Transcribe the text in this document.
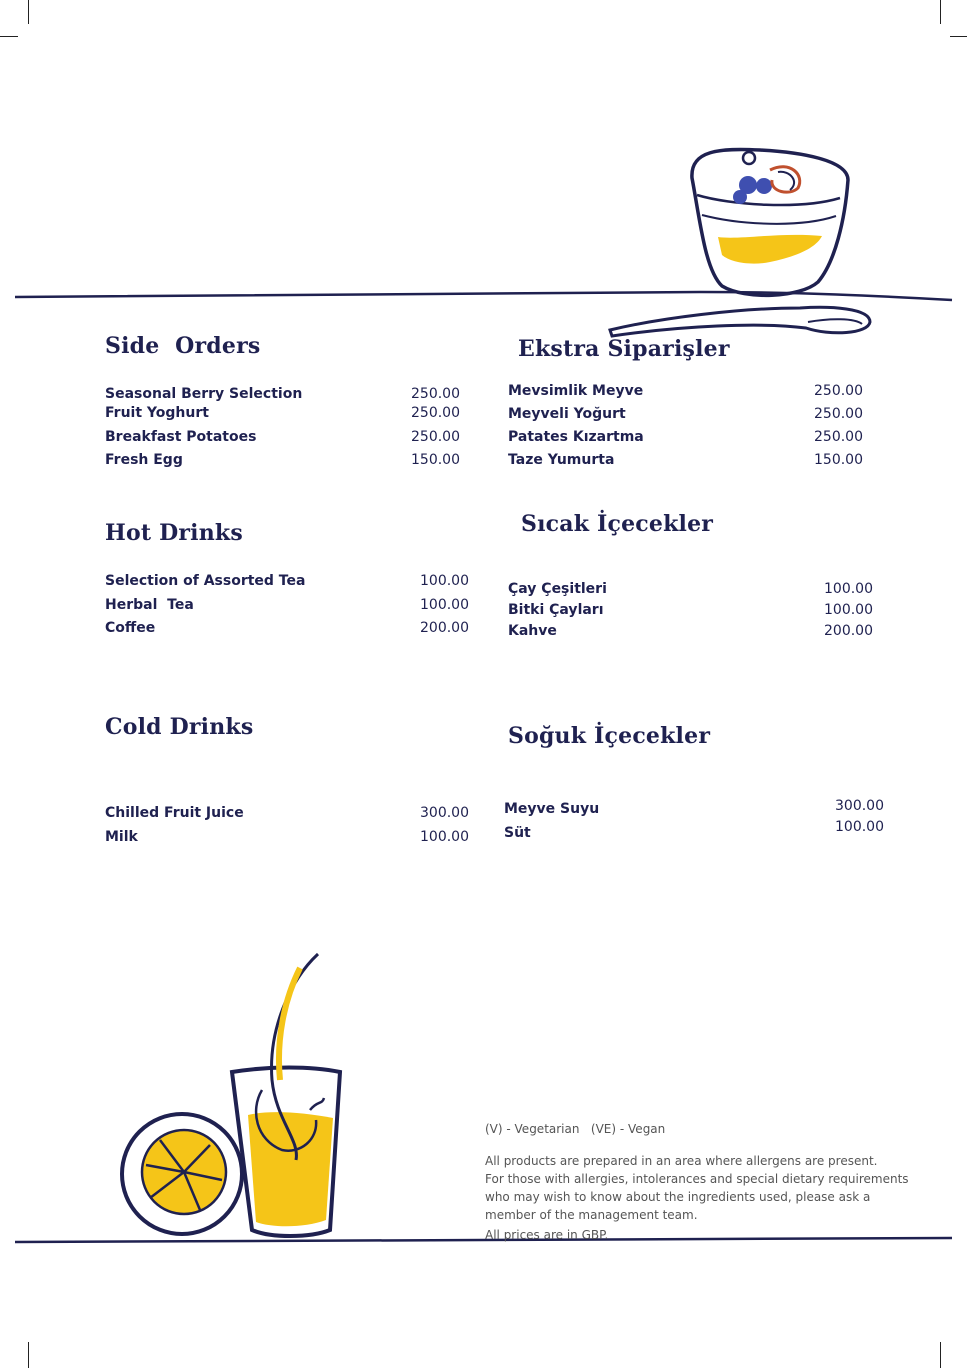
Side  Orders
Seasonal Berry Selection	250.00
Fruit Yoghurt	250.00
Breakfast Potatoes	250.00
Fresh Egg	150.00
Ekstra Siparişler
Mevsimlik Meyve	250.00
Meyveli Yoğurt	250.00
Patates Kızartma	250.00
Taze Yumurta	150.00
Hot Drinks
Selection of Assorted Tea	100.00
Herbal  Tea	100.00
Coffee	200.00
Sıcak İçecekler
Çay Çeşitleri	100.00
Bitki Çayları	100.00
Kahve	200.00
Cold Drinks
Chilled Fruit Juice	300.00
Milk	100.00
Soğuk İçecekler
Meyve Suyu	300.00
Süt	100.00
(V) - Vegetarian   (VE) - Vegan
All products are prepared in an area where allergens are present.
For those with allergies, intolerances and special dietary requirements
who may wish to know about the ingredients used, please ask a
member of the management team.
All prices are in GBP.
